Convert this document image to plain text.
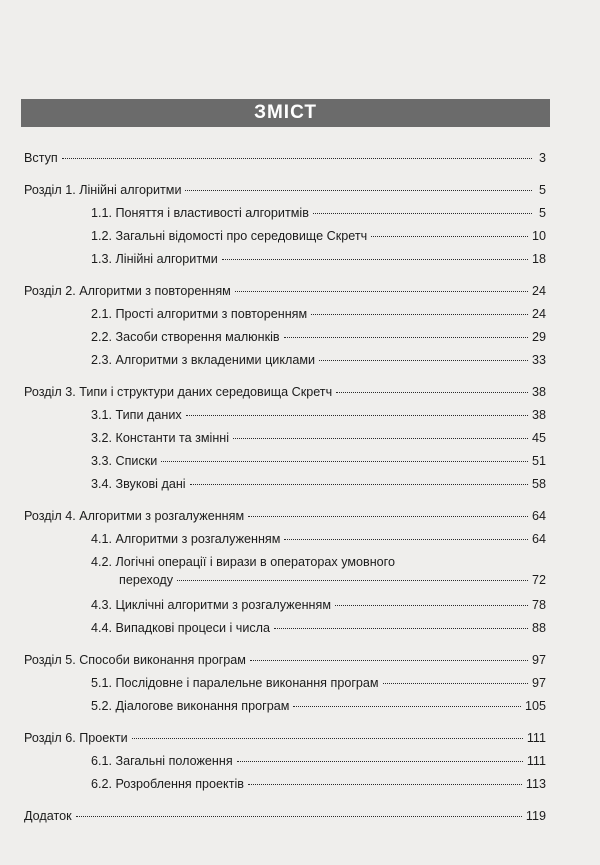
ЗМІСТ
Вступ	3
Розділ 1. Лінійні алгоритми	5
1.1. Поняття і властивості алгоритмів	5
1.2. Загальні відомості про середовище Скретч	10
1.3. Лінійні алгоритми	18
Розділ 2. Алгоритми з повторенням	24
2.1. Прості алгоритми з повторенням	24
2.2. Засоби створення малюнків	29
2.3. Алгоритми з вкладеними циклами	33
Розділ 3. Типи і структури даних середовища Скретч	38
3.1. Типи даних	38
3.2. Константи та змінні	45
3.3. Списки	51
3.4. Звукові дані	58
Розділ 4. Алгоритми з розгалуженням	64
4.1. Алгоритми з розгалуженням	64
4.2. Логічні операції і вирази в операторах умовного
переходу	72
4.3. Циклічні алгоритми з розгалуженням	78
4.4. Випадкові процеси і числа	88
Розділ 5. Способи виконання програм	97
5.1. Послідовне і паралельне виконання програм	97
5.2. Діалогове виконання програм	105
Розділ 6. Проекти	111
6.1. Загальні положення	111
6.2. Розроблення проектів	113
Додаток	119
